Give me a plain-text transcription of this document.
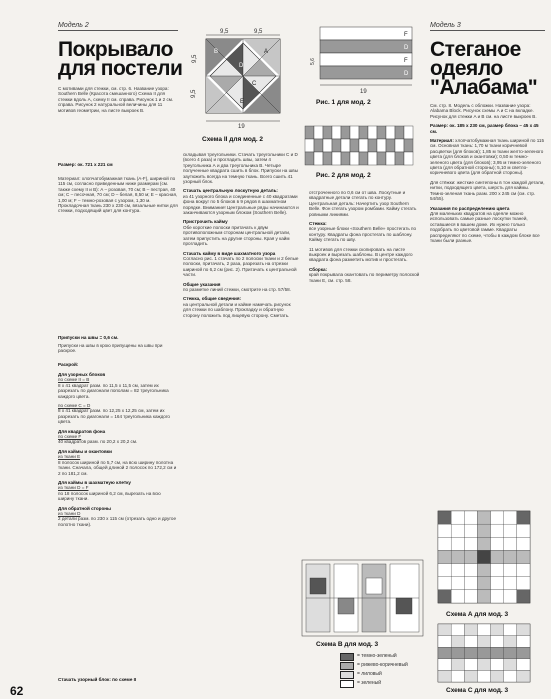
Модель 2
Покрывало
для постели
С мотивами для стежки, см. стр. 6. Название узора: Southern Belle (Красота смешанного) Схема II для стежки вдоль А, схему II см. справа. Рисунок 1 и 2 см. справа. Рисунок 2 натуральной величины для 11 мотивов геометрии, на листе выкроек В.
Размер: ок. 721 х 221 см
Материал: хлопчатобумажная ткань (A-F), шириной по 115 см, согласно приведенным ниже размерам (см. также схему II и B): А – розовая, 70 см; В – пестрая, 40 см; С – песочная, 70 см; D – белая, 8,50 м; Е – красная, 1,00 м; F – темно-розовая с узором, 1,30 м. Прокладочная ткань 230 х 230 см, вязальные нитки для стежки, подходящий цвет для контура.
Припуски на швы = 0,6 см.
Припуски на швы в крою припущены на швы при раскрое.
Раскрой:
Для узорных блоков
по схеме II = B
8 x 41 квадрат разм. по 11,5 x 11,5 см, затем их разрезать по диагонали пополам = 82 треугольника каждого цвета.
по схеме C = D
8 x 41 квадрат разм. по 12,25 x 12,25 см, затем их разрезать по диагонали = 164 треугольника каждого цвета.
Для квадратов фона
по схеме F
40 квадратов разм. по 20,2 x 20,2 см.
Для каймы и окантовки
из ткани E
8 полосок шириной по 5,7 см, на всю ширину полотна ткани. Сначала, общей длиной 2 полосок по 172,2 см и 2 по 181,2 см.
Для каймы в шахматную клетку
из ткани D = F
по 18 полосок шириной 6,2 см, вырезать на всю ширину ткани.
Для обратной стороны
из ткани D
2 детали разм. по 230 x 115 см (отрезать одно и другое полотно ткани).
Стачать узорный блок: по схеме II
62
9,5	9,5
9,5
9,5
B	A
D
C
E
19
Схема II для мод. 2
F
D
F
D
5,6
19
Рис. 1 для мод. 2
Рис. 2 для мод. 2
складывая треугольники. Стачать треугольники C и D (всего 4 раза) и прогладить швы, затем 4 треугольника А и два треугольника В. Четыре полученные квадрата сшить в блок. Припуски на швы заутюжить всегда на темную ткань. Всего сшить 41 узорный блок.
Стачать центральную лоскутную деталь:
из 41 узорного блока и соединенные с 40 квадратами фона вокруг по 5 блоков в 9 рядов в шахматном порядке. Внимание! Центральные ряды начинаются и заканчиваются узорным блоком (Southern Belle).
Пристрочить кайму
Обе короткие полоски притачать к двум противоположным сторонам центральной детали, затем припустить на другие стороны. Края у кайм прогладить.
Стачать кайму в виде шахматного узора
Согласно рис. 1 стачать по 2 полоски ткани и 2 белые полоски, притачать, 2 раза, разрезать на отрезки шириной по 6,2 см (рис. 2). Притачать к центральной части.
Общие указания
по разметке линий стежки, смотрите на стр. 57/58.
Стежка, общие сведения:
на центральной детали и кайме намечать рисунок для стежки по шаблону. Прокладку и обратную сторону положить под лицевую сторону. Сметать.
отстроченного по 0,6 см от шва. Лоскутные и квадратные детали стегать по контуру. Центральная деталь: Начертить узор Southern Belle. Фон стегать узором ромбами. Кайму стегать ровными линиями.
Стежка:
все узорные блоки «Southern Belle» простегать по контуру. Квадраты фона простегать по шаблону. Кайму стегать по шву.
11 мотивов для стежки скопировать на листе выкроек и вырезать шаблоны. В центре каждого квадрата фона разметить мотив и простегать.
Сборка:
край покрывала окантовать по периметру полоской ткани E, см. стр. 58.
Схема В для мод. 3
= темно-зеленый
= рижево-коричневый
= лиловый
= зеленый
Модель 3
Стеганое
одеяло
"Алабама"
См. стр. 8. Модель с обложки. Название узора: Alabama Block. Рисунок схемы A и C на вкладке. Рисунок для стежки A и В см. на листе выкроек В.
Размер: ок. 185 x 230 см, размер блока – 45 x 45 см.
Материал: хлопчатобумажная ткань шириной по 115 см. Основная ткань: 1,70 м ткани коричневой расцветки (для блоков); 1,85 м ткани желто-зеленого цвета (для блоков и окантовки); 0,50 м темно-зеленого цвета (для блоков); 3,95 м темно-зеленого цвета (для обратной стороны); 5,10 м светло-коричневого цвета (для обратной стороны).
Для стёжки: жесткие синтепоны в тон каждой детали, нитки, подходящего цвета, шерсть для каймы. Темно-зеленая ткань разм. 200 х 245 см (см. стр. 54/55).
Указания по распределению цвета
Для маленьких квадратов на одеяле можно использовать самые разные лоскутки тканей, оставшиеся в вашем доме. Их нужно только подобрать по цветовой гамме. Квадраты распределяют по схеме, чтобы в каждом блоке все ткани были разные.
Схема А для мод. 3
Схема С для мод. 3
